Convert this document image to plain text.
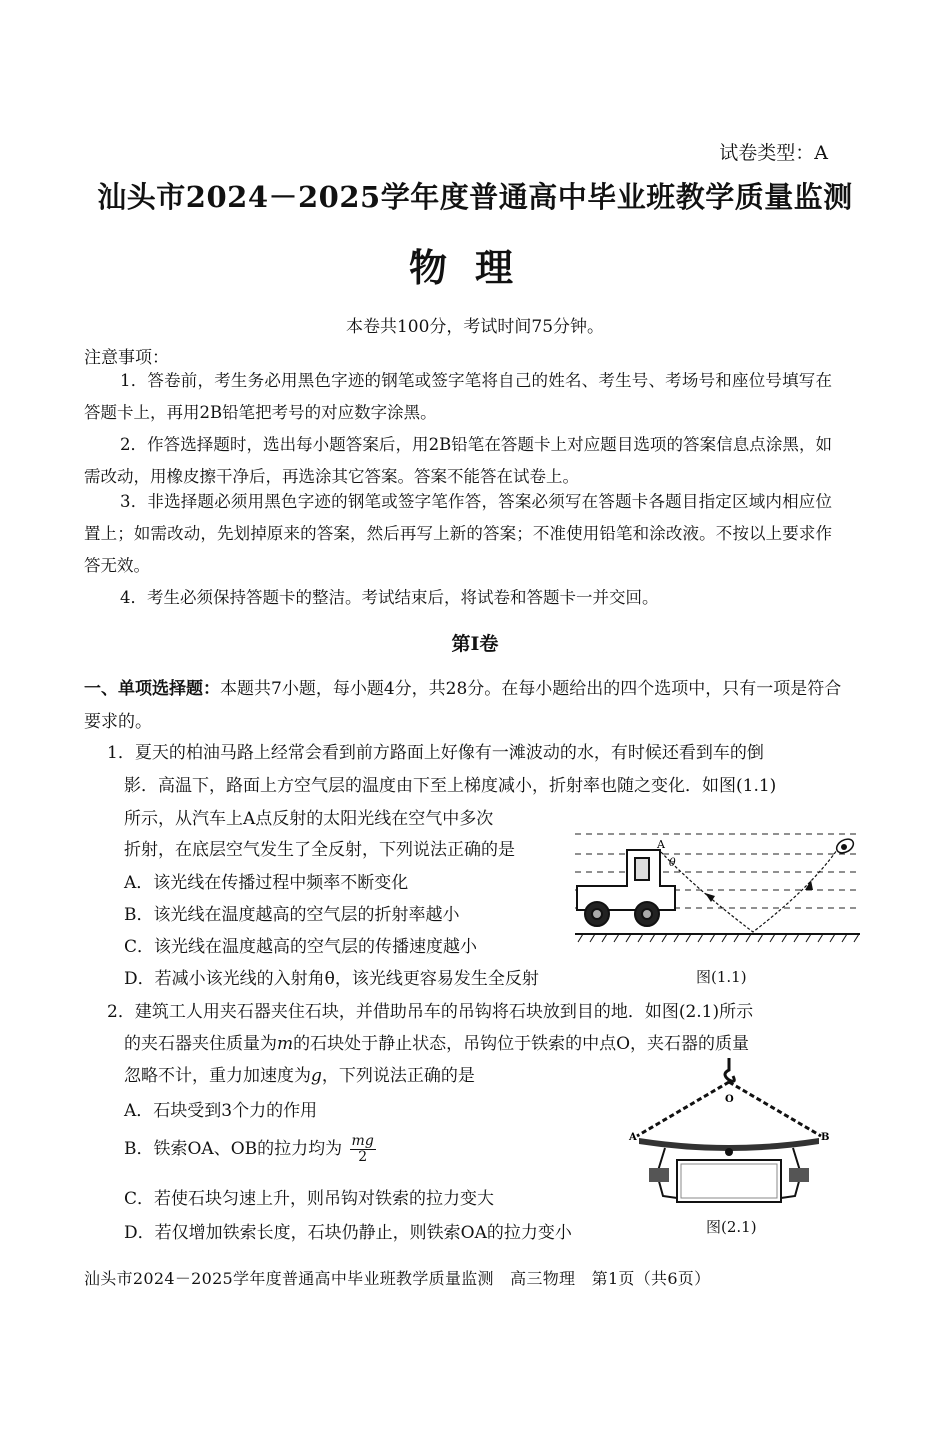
试卷类型：A
汕头市2024－2025学年度普通高中毕业班教学质量监测
物理
本卷共100分，考试时间75分钟。
注意事项：
1．答卷前，考生务必用黑色字迹的钢笔或签字笔将自己的姓名、考生号、考场号和座位号填写在答题卡上，再用2B铅笔把考号的对应数字涂黑。
2．作答选择题时，选出每小题答案后，用2B铅笔在答题卡上对应题目选项的答案信息点涂黑，如需改动，用橡皮擦干净后，再选涂其它答案。答案不能答在试卷上。
3．非选择题必须用黑色字迹的钢笔或签字笔作答，答案必须写在答题卡各题目指定区域内相应位置上；如需改动，先划掉原来的答案，然后再写上新的答案；不准使用铅笔和涂改液。不按以上要求作答无效。
4．考生必须保持答题卡的整洁。考试结束后，将试卷和答题卡一并交回。
第Ⅰ卷
一、单项选择题：本题共7小题，每小题4分，共28分。在每小题给出的四个选项中，只有一项是符合要求的。
1．夏天的柏油马路上经常会看到前方路面上好像有一滩波动的水，有时候还看到车的倒
影．高温下，路面上方空气层的温度由下至上梯度减小，折射率也随之变化．如图(1.1)
所示，从汽车上A点反射的太阳光线在空气中多次
折射，在底层空气发生了全反射，下列说法正确的是
A．该光线在传播过程中频率不断变化
B．该光线在温度越高的空气层的折射率越小
C．该光线在温度越高的空气层的传播速度越小
D．若减小该光线的入射角θ，该光线更容易发生全反射
A
θ
图(1.1)
2．建筑工人用夹石器夹住石块，并借助吊车的吊钩将石块放到目的地．如图(2.1)所示
的夹石器夹住质量为m的石块处于静止状态，吊钩位于铁索的中点O，夹石器的质量
忽略不计，重力加速度为g，下列说法正确的是
A．石块受到3个力的作用
B．铁索OA、OB的拉力均为 $\frac{mg}{2}$
C．若使石块匀速上升，则吊钩对铁索的拉力变大
D．若仅增加铁索长度，石块仍静止，则铁索OA的拉力变小
O
A	B
图(2.1)
汕头市2024－2025学年度普通高中毕业班教学质量监测　高三物理　第1页（共6页）
